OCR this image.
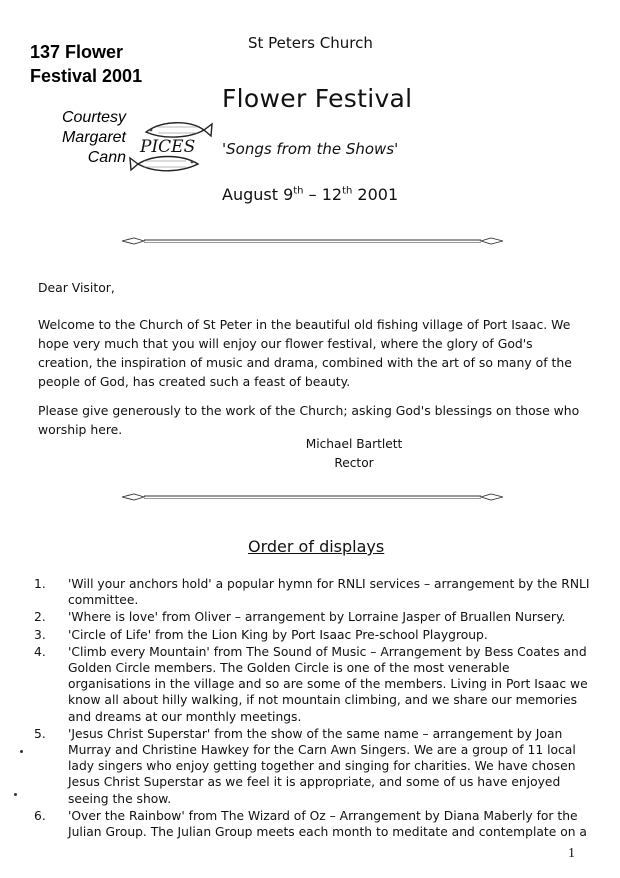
137 Flower
Festival 2001
Courtesy
Margaret
Cann
PICES
St Peters Church
Flower Festival
'Songs from the Shows'
August 9th – 12th 2001
Dear Visitor,
Welcome to the Church of St Peter in the beautiful old fishing village of Port Isaac. We hope very much that you will enjoy our flower festival, where the glory of God's creation, the inspiration of music and drama, combined with the art of so many of the people of God, has created such a feast of beauty.
Please give generously to the work of the Church; asking God's blessings on those who worship here.
Michael Bartlett
Rector
Order of displays
1.	'Will your anchors hold' a popular hymn for RNLI services – arrangement by the RNLI committee.
2.	'Where is love' from Oliver – arrangement by Lorraine Jasper of Bruallen Nursery.
3.	'Circle of Life' from the Lion King by Port Isaac Pre-school Playgroup.
4.	'Climb every Mountain' from The Sound of Music – Arrangement by Bess Coates and Golden Circle members. The Golden Circle is one of the most venerable organisations in the village and so are some of the members. Living in Port Isaac we know all about hilly walking, if not mountain climbing, and we share our memories and dreams at our monthly meetings.
5.	'Jesus Christ Superstar' from the show of the same name – arrangement by Joan Murray and Christine Hawkey for the Carn Awn Singers. We are a group of 11 local lady singers who enjoy getting together and singing for charities. We have chosen Jesus Christ Superstar as we feel it is appropriate, and some of us have enjoyed seeing the show.
6.	'Over the Rainbow' from The Wizard of Oz – Arrangement by Diana Maberly for the Julian Group. The Julian Group meets each month to meditate and contemplate on a
1
